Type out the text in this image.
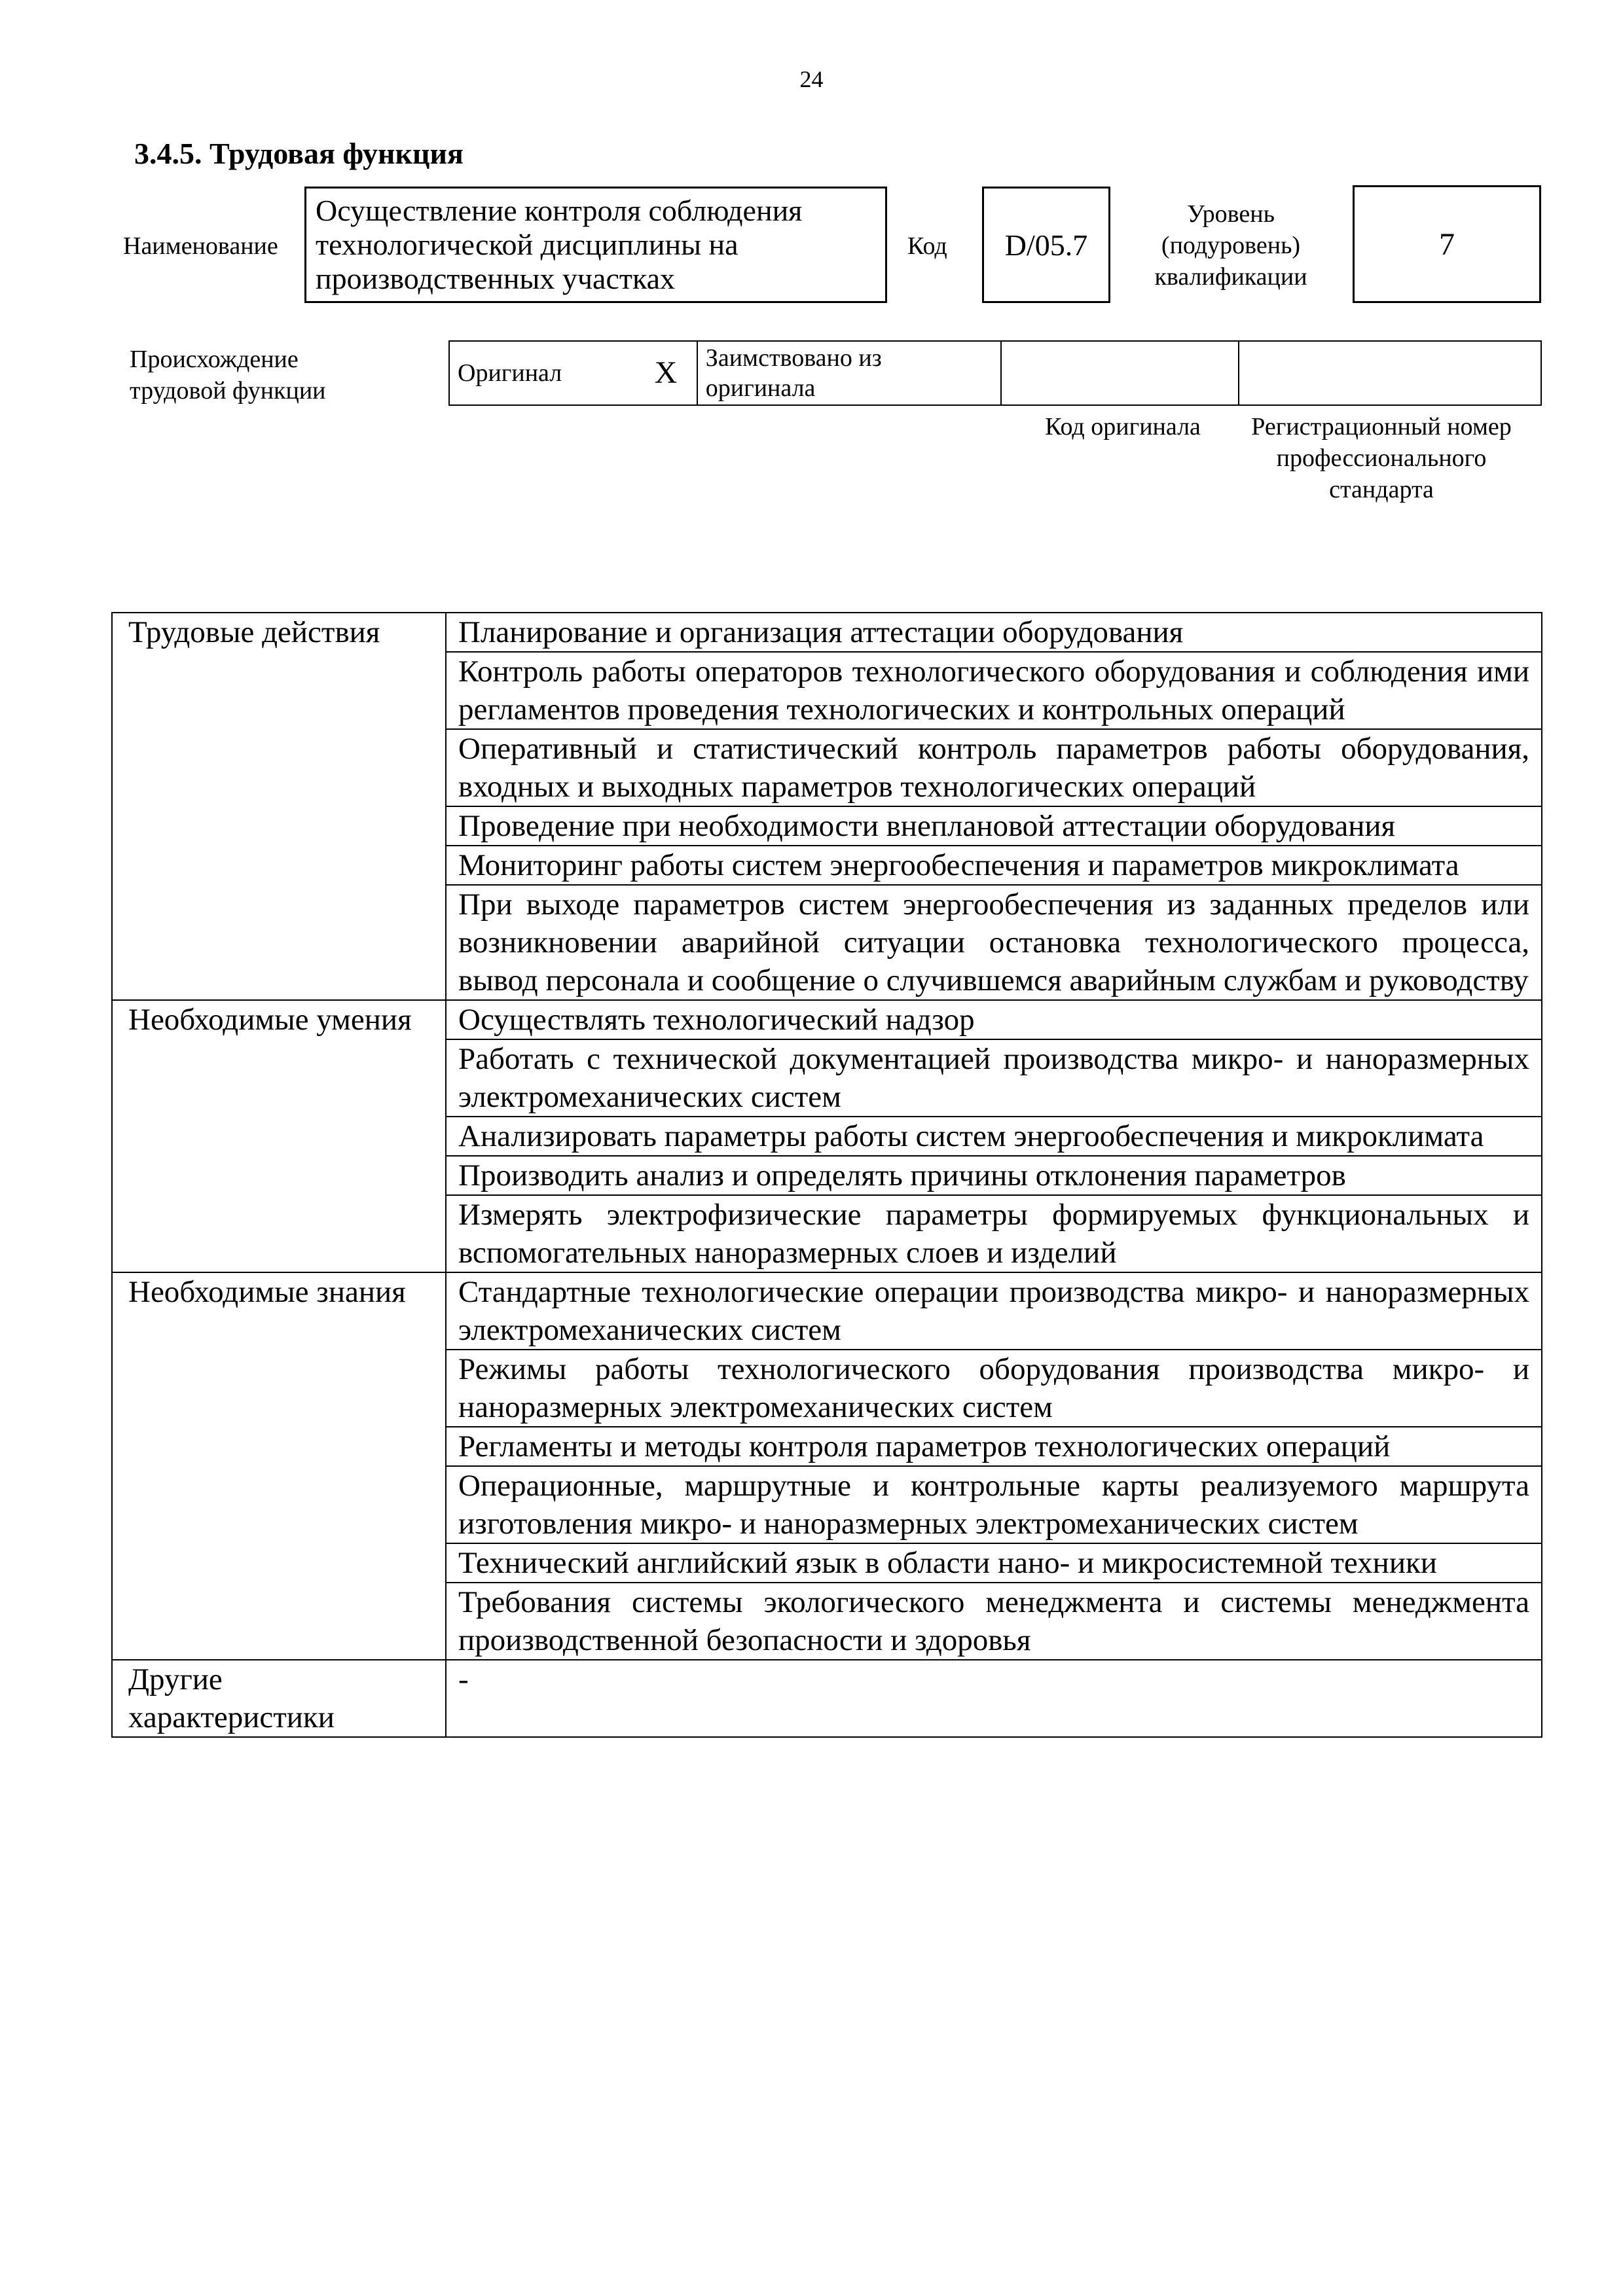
24
3.4.5. Трудовая функция
Наименование
Осуществление контроля соблюдения технологической дисциплины на производственных участках
Код	D/05.7
Уровень
(подуровень)
квалификации
7
Происхождение
трудовой функции
Оригинал	X	Заимствовано из
оригинала

Код оригинала	Регистрационный номер
профессионального
стандарта
Трудовые действия	Планирование и организация аттестации оборудования
	Контроль работы операторов технологического оборудования и соблюдения ими регламентов проведения технологических и контрольных операций
	Оперативный и статистический контроль параметров работы оборудования, входных и выходных параметров технологических операций
	Проведение при необходимости внеплановой аттестации оборудования
	Мониторинг работы систем энергообеспечения и параметров микроклимата
	При выходе параметров систем энергообеспечения из заданных пределов или возникновении аварийной ситуации остановка технологического процесса, вывод персонала и сообщение о случившемся аварийным службам и руководству
Необходимые умения	Осуществлять технологический надзор
	Работать с технической документацией производства микро- и наноразмерных электромеханических систем
	Анализировать параметры работы систем энергообеспечения и микроклимата
	Производить анализ и определять причины отклонения параметров
	Измерять электрофизические параметры формируемых функциональных и вспомогательных наноразмерных слоев и изделий
Необходимые знания	Стандартные технологические операции производства микро- и наноразмерных электромеханических систем
	Режимы работы технологического оборудования производства микро- и наноразмерных электромеханических систем
	Регламенты и методы контроля параметров технологических операций
	Операционные, маршрутные и контрольные карты реализуемого маршрута изготовления микро- и наноразмерных электромеханических систем
	Технический английский язык в области нано- и микросистемной техники
	Требования системы экологического менеджмента и системы менеджмента производственной безопасности и здоровья
Другие характеристики	-
